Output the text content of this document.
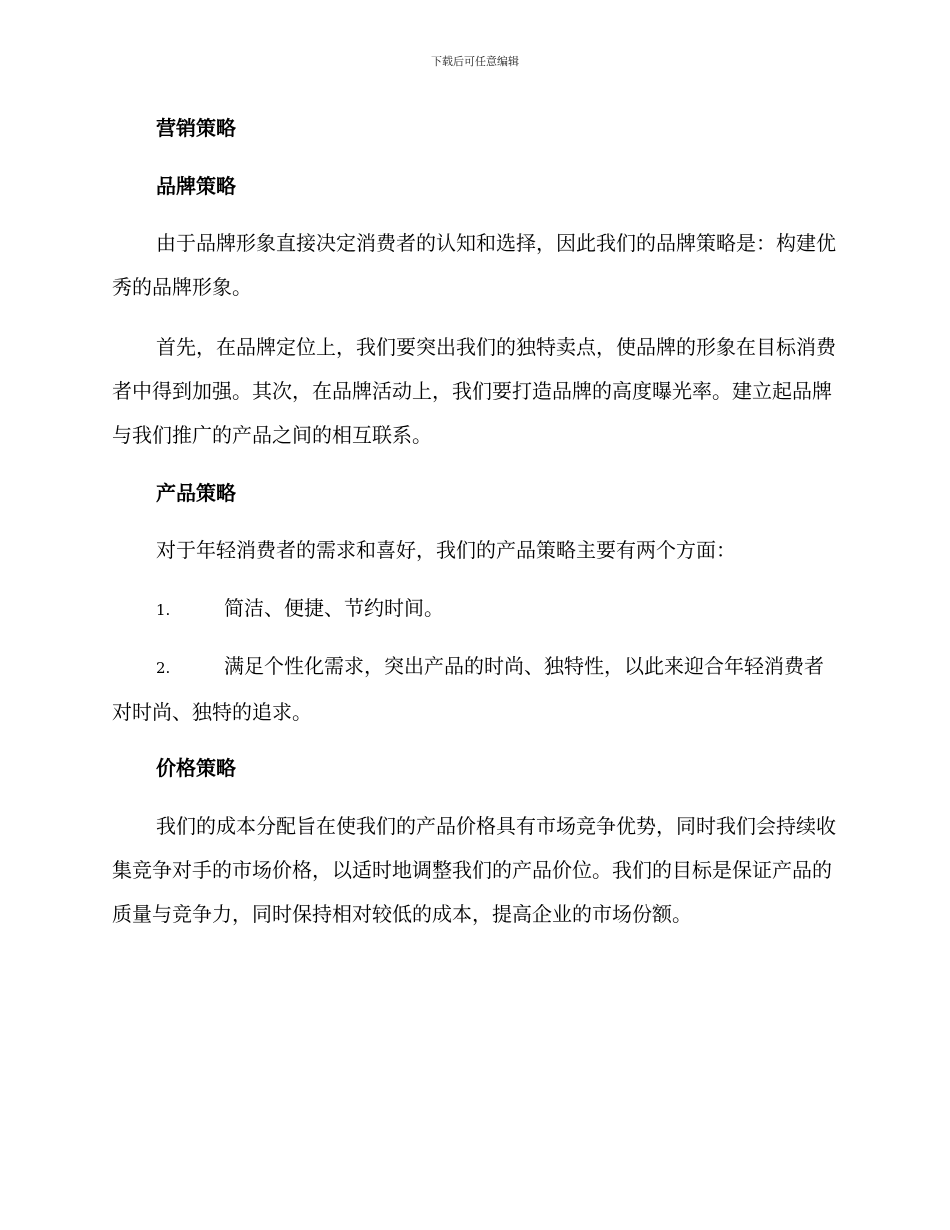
下载后可任意编辑
营销策略
品牌策略
由于品牌形象直接决定消费者的认知和选择，因此我们的品牌策略是：构建优秀的品牌形象。
首先，在品牌定位上，我们要突出我们的独特卖点，使品牌的形象在目标消费者中得到加强。其次，在品牌活动上，我们要打造品牌的高度曝光率。建立起品牌与我们推广的产品之间的相互联系。
产品策略
对于年轻消费者的需求和喜好，我们的产品策略主要有两个方面：
1.	简洁、便捷、节约时间。
2.	满足个性化需求，突出产品的时尚、独特性，以此来迎合年轻消费者对时尚、独特的追求。
价格策略
我们的成本分配旨在使我们的产品价格具有市场竞争优势，同时我们会持续收集竞争对手的市场价格，以适时地调整我们的产品价位。我们的目标是保证产品的质量与竞争力，同时保持相对较低的成本，提高企业的市场份额。
